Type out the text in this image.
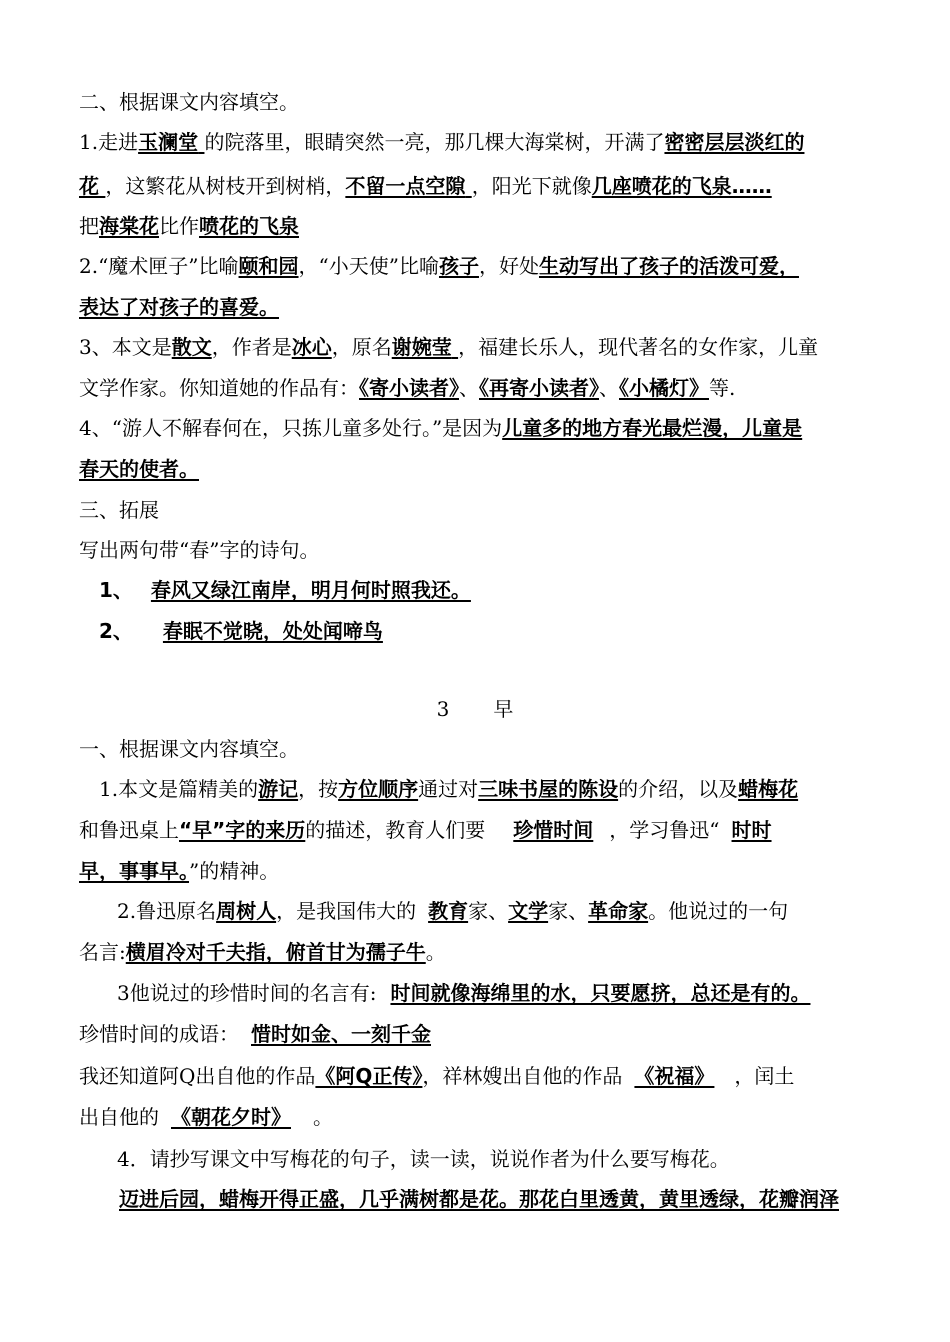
二、根据课文内容填空。
1.走进玉澜堂 的院落里，眼睛突然一亮，那几棵大海棠树，开满了密密层层淡红的
花 ，这繁花从树枝开到树梢，不留一点空隙 ，阳光下就像几座喷花的飞泉……
把海棠花比作喷花的飞泉
2.“魔术匣子”比喻颐和园，“小天使”比喻孩子，好处生动写出了孩子的活泼可爱，
表达了对孩子的喜爱。
3、本文是散文，作者是冰心，原名谢婉莹 ，福建长乐人，现代著名的女作家，儿童
文学作家。你知道她的作品有：《寄小读者》、《再寄小读者》、《小橘灯》等.
4、“游人不解春何在，只拣儿童多处行。”是因为儿童多的地方春光最烂漫，儿童是
春天的使者。
三、拓展
写出两句带“春”字的诗句。
1、 春风又绿江南岸，明月何时照我还。
2、 春眠不觉晓，处处闻啼鸟
3 早
一、根据课文内容填空。
1.本文是篇精美的游记，按方位顺序通过对三味书屋的陈设的介绍，以及蜡梅花
和鲁迅桌上“早”字的来历的描述，教育人们要 珍惜时间 ，学习鲁迅“ 时时
早，事事早。”的精神。
2.鲁迅原名周树人，是我国伟大的 教育家、文学家、革命家。他说过的一句
名言:横眉冷对千夫指，俯首甘为孺子牛。
3他说过的珍惜时间的名言有: 时间就像海绵里的水，只要愿挤，总还是有的。
珍惜时间的成语： 惜时如金、一刻千金
我还知道阿Q出自他的作品《阿Q正传》，祥林嫂出自他的作品 《祝福》 ，闰土
出自他的 《朝花夕时》 。
4．请抄写课文中写梅花的句子，读一读，说说作者为什么要写梅花。
迈进后园，蜡梅开得正盛，几乎满树都是花。那花白里透黄，黄里透绿，花瓣润泽
